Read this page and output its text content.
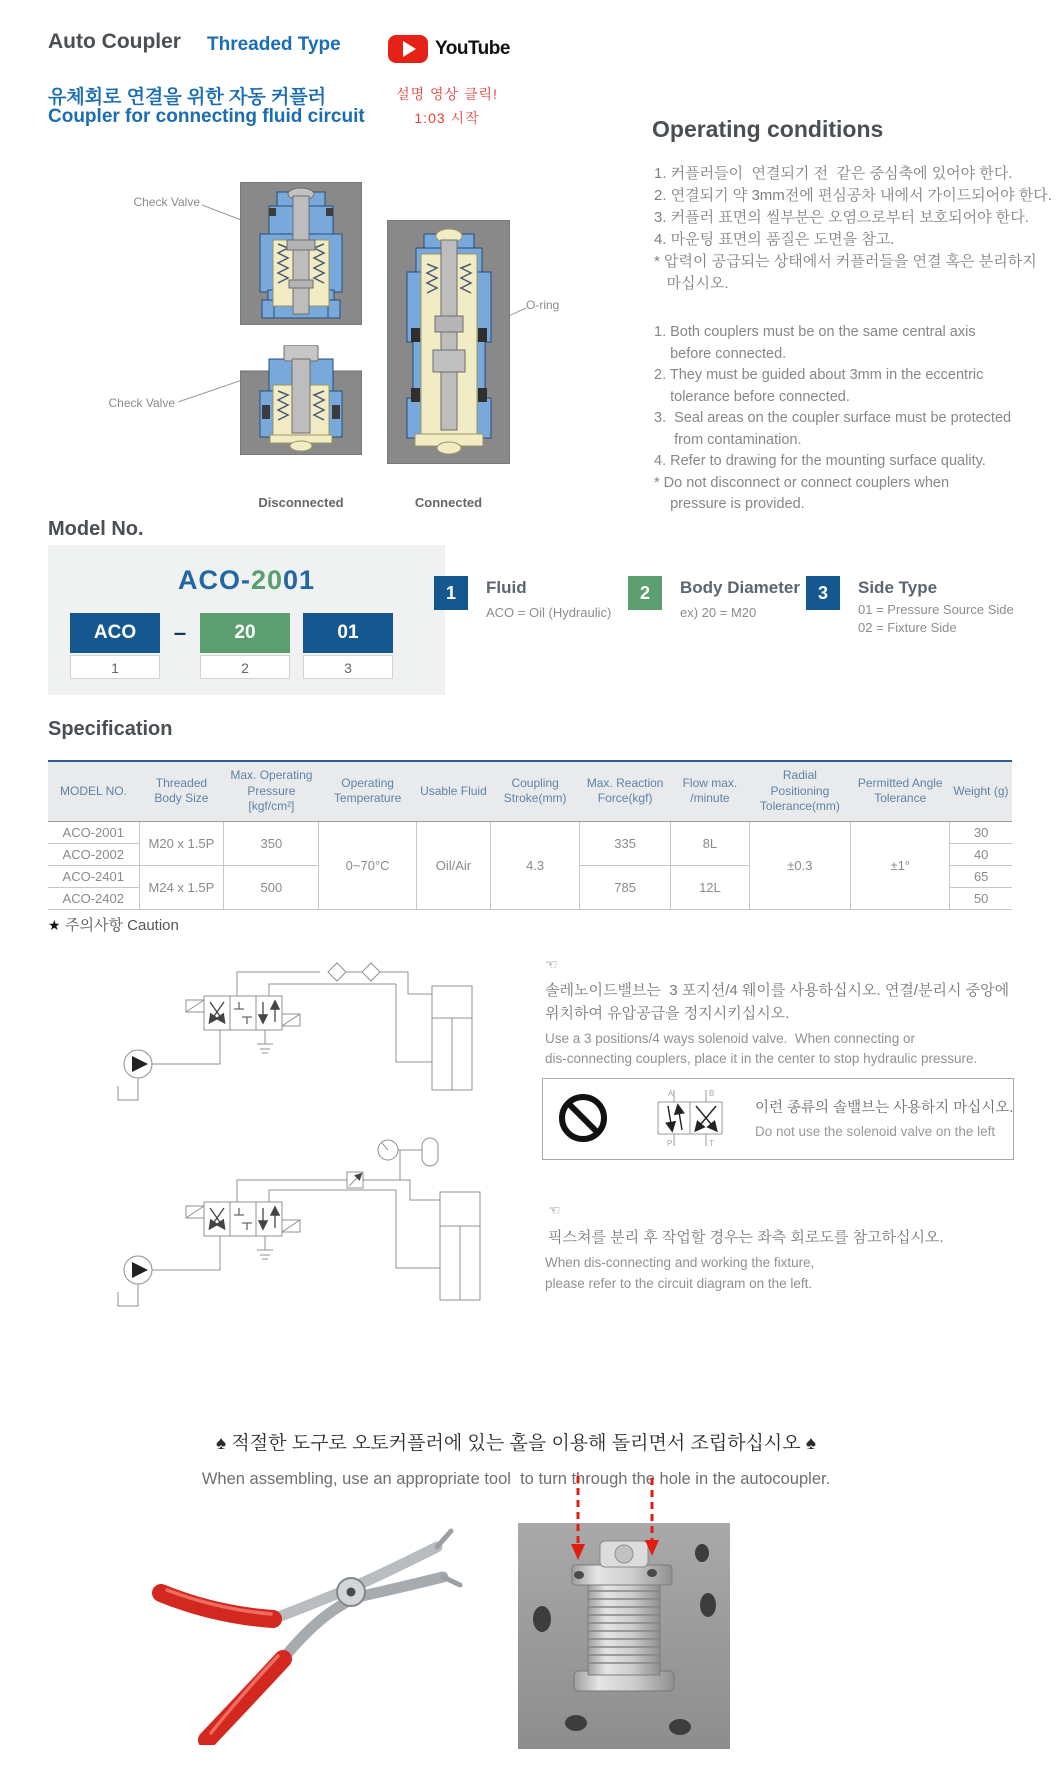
Auto Coupler Threaded Type
유체회로 연결을 위한 자동 커플러
Coupler for connecting fluid circuit
YouTube
설명 영상 클릭!
1:03 시작
Check Valve
Check Valve
O-ring
Disconnected	Connected
Operating conditions
1. 커플러들이  연결되기 전  같은 중심축에 있어야 한다.
2. 연결되기 약 3mm전에 편심공차 내에서 가이드되어야 한다.
3. 커플러 표면의 씰부분은 오염으로부터 보호되어야 한다.
4. 마운팅 표면의 품질은 도면을 참고.
* 압력이 공급되는 상태에서 커플러들을 연결 혹은 분리하지
마십시오.
1. Both couplers must be on the same central axis
before connected.
2. They must be guided about 3mm in the eccentric
tolerance before connected.
3.  Seal areas on the coupler surface must be protected
from contamination.
4. Refer to drawing for the mounting surface quality.
* Do not disconnect or connect couplers when
pressure is provided.
Model No.
ACO-2001
ACO	–	20	01
1	2	3
1	Fluid
ACO = Oil (Hydraulic)
2	Body Diameter
ex) 20 = M20
3	Side Type
01 = Pressure Source Side
02 = Fixture Side
Specification
MODEL NO.	Threaded Body Size	Max. Operating Pressure [kgf/cm²]	Operating Temperature	Usable Fluid	Coupling Stroke(mm)	Max. Reaction Force(kgf)	Flow max. /minute	Radial Positioning Tolerance(mm)	Permitted Angle Tolerance	Weight (g)
ACO-2001	M20 x 1.5P	350	0~70°C	Oil/Air	4.3	335	8L	±0.3	±1°	30
ACO-2002										40
ACO-2401	M24 x 1.5P	500				785	12L			65
ACO-2402										50
★ 주의사항 Caution
☜
솔레노이드밸브는  3 포지션/4 웨이를 사용하십시오. 연결/분리시 중앙에
위치하여 유압공급을 정지시키십시오.
Use a 3 positions/4 ways solenoid valve.  When connecting or
dis-connecting couplers, place it in the center to stop hydraulic pressure.
A	B
P	T
이런 종류의 솔밸브는 사용하지 마십시오.
Do not use the solenoid valve on the left
☜
픽스쳐를 분리 후 작업할 경우는 좌측 회로도를 참고하십시오.
When dis-connecting and working the fixture,
please refer to the circuit diagram on the left.
♠ 적절한 도구로 오토커플러에 있는 홀을 이용해 돌리면서 조립하십시오 ♠
When assembling, use an appropriate tool  to turn through the hole in the autocoupler.
